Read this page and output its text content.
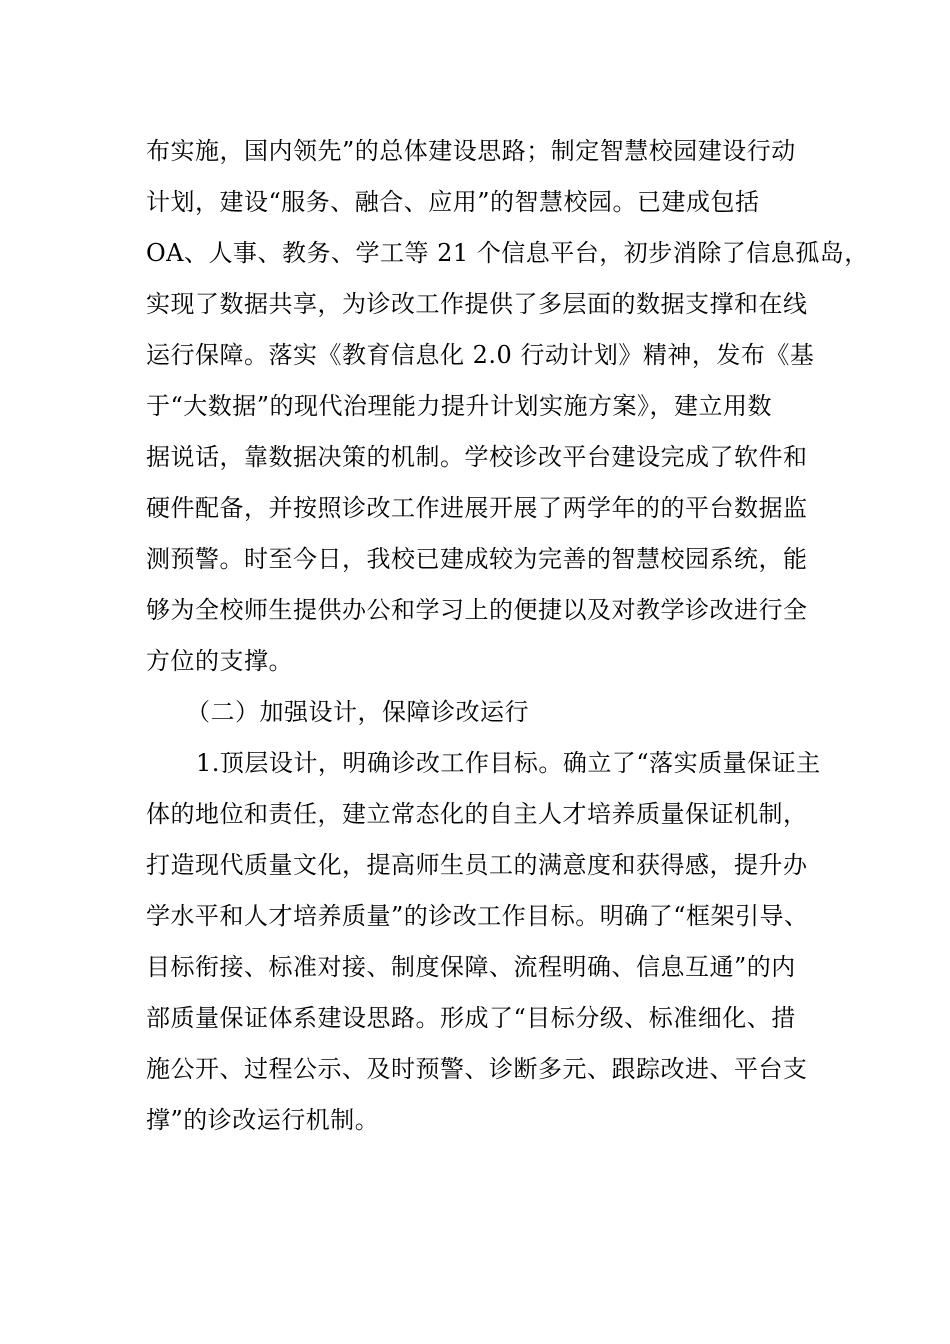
布实施，国内领先”的总体建设思路；制定智慧校园建设行动
计划，建设“服务、融合、应用”的智慧校园。已建成包括
OA、人事、教务、学工等 21 个信息平台，初步消除了信息孤岛，
实现了数据共享，为诊改工作提供了多层面的数据支撑和在线
运行保障。落实《教育信息化 2.0 行动计划》精神，发布《基
于“大数据”的现代治理能力提升计划实施方案》，建立用数
据说话，靠数据决策的机制。学校诊改平台建设完成了软件和
硬件配备，并按照诊改工作进展开展了两学年的的平台数据监
测预警。时至今日，我校已建成较为完善的智慧校园系统，能
够为全校师生提供办公和学习上的便捷以及对教学诊改进行全
方位的支撑。
（二）加强设计，保障诊改运行
1.顶层设计，明确诊改工作目标。确立了“落实质量保证主
体的地位和责任，建立常态化的自主人才培养质量保证机制，
打造现代质量文化，提高师生员工的满意度和获得感，提升办
学水平和人才培养质量”的诊改工作目标。明确了“框架引导、
目标衔接、标准对接、制度保障、流程明确、信息互通”的内
部质量保证体系建设思路。形成了“目标分级、标准细化、措
施公开、过程公示、及时预警、诊断多元、跟踪改进、平台支
撑”的诊改运行机制。
